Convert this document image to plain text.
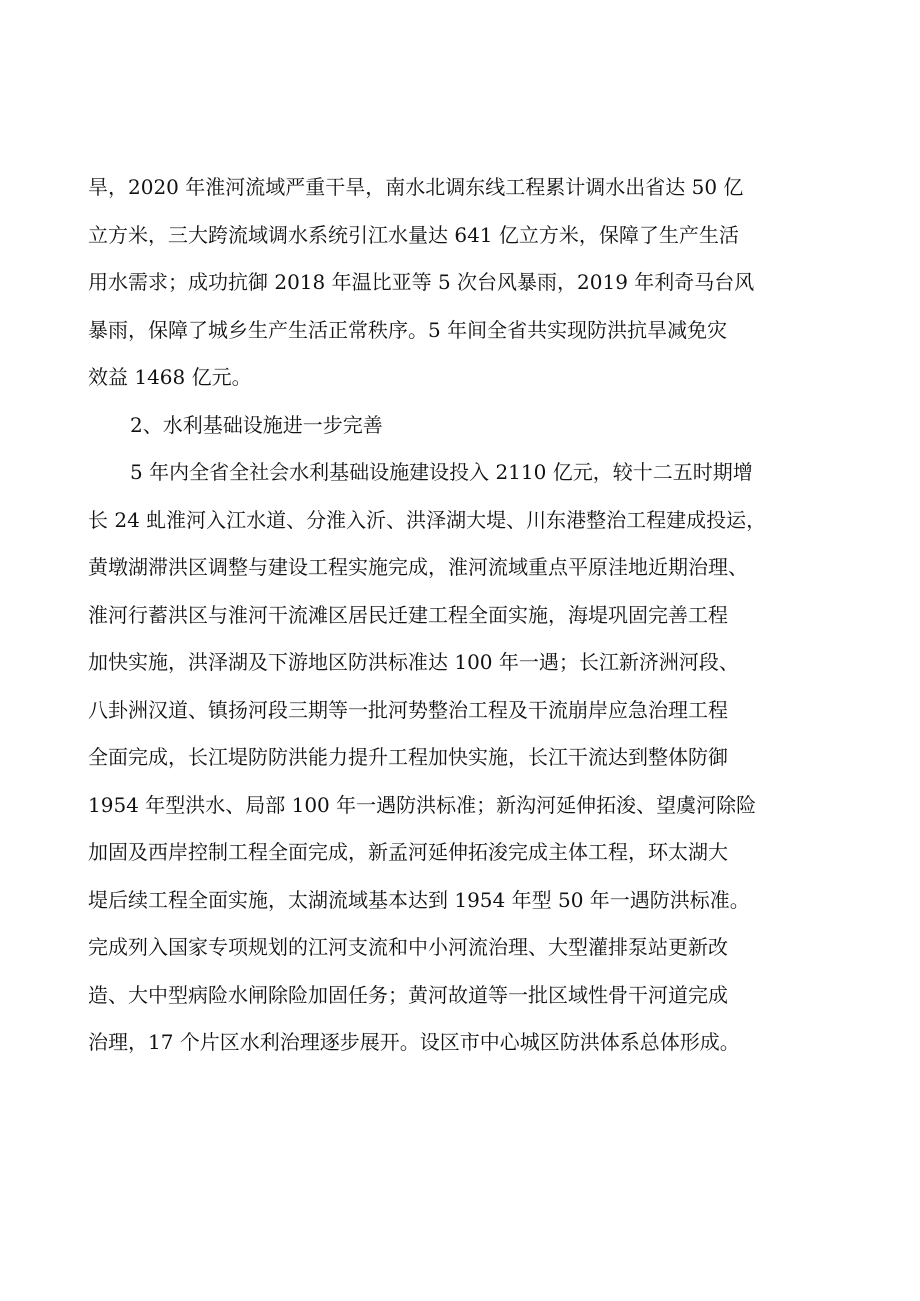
旱，2020 年淮河流域严重干旱，南水北调东线工程累计调水出省达 50 亿
立方米，三大跨流域调水系统引江水量达 641 亿立方米，保障了生产生活
用水需求；成功抗御 2018 年温比亚等 5 次台风暴雨，2019 年利奇马台风
暴雨，保障了城乡生产生活正常秩序。5 年间全省共实现防洪抗旱减免灾
效益 1468 亿元。
2、水利基础设施进一步完善
5 年内全省全社会水利基础设施建设投入 2110 亿元，较十二五时期增
长 24 虬淮河入江水道、分淮入沂、洪泽湖大堤、川东港整治工程建成投运，
黄墩湖滞洪区调整与建设工程实施完成，淮河流域重点平原洼地近期治理、
淮河行蓄洪区与淮河干流滩区居民迁建工程全面实施，海堤巩固完善工程
加快实施，洪泽湖及下游地区防洪标准达 100 年一遇；长江新济洲河段、
八卦洲汉道、镇扬河段三期等一批河势整治工程及干流崩岸应急治理工程
全面完成，长江堤防防洪能力提升工程加快实施，长江干流达到整体防御
1954 年型洪水、局部 100 年一遇防洪标准；新沟河延伸拓浚、望虞河除险
加固及西岸控制工程全面完成，新孟河延伸拓浚完成主体工程，环太湖大
堤后续工程全面实施，太湖流域基本达到 1954 年型 50 年一遇防洪标准。
完成列入国家专项规划的江河支流和中小河流治理、大型灌排泵站更新改
造、大中型病险水闸除险加固任务；黄河故道等一批区域性骨干河道完成
治理，17 个片区水利治理逐步展开。设区市中心城区防洪体系总体形成。
